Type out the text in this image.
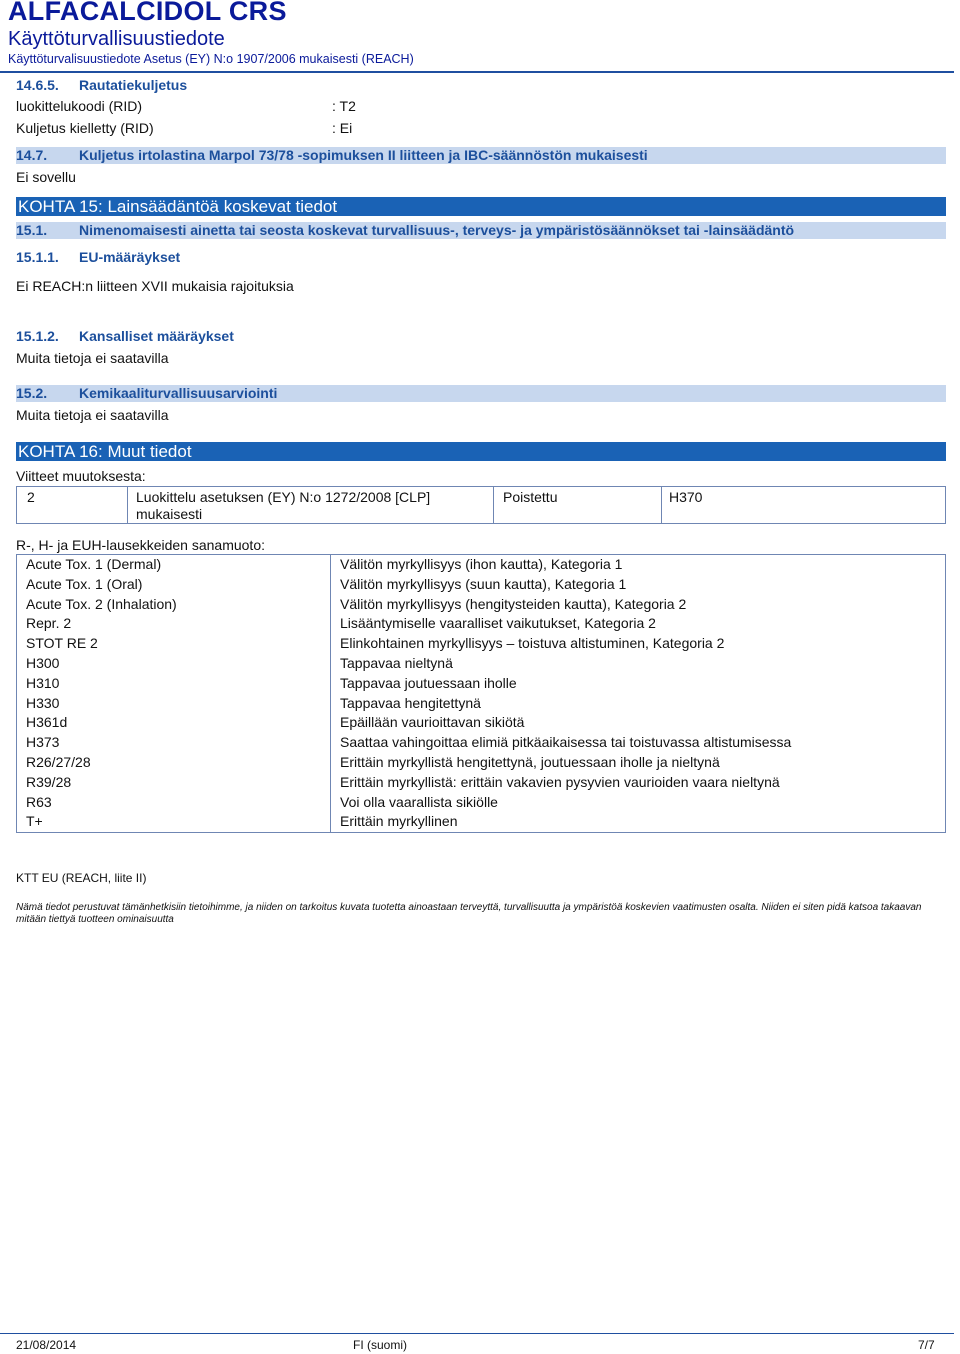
ALFACALCIDOL CRS
Käyttöturvallisuustiedote
Käyttöturvalisuustiedote Asetus (EY) N:o 1907/2006 mukaisesti (REACH)
14.6.5. Rautatiekuljetus
luokittelukoodi (RID)	: T2
Kuljetus kielletty (RID)	: Ei
14.7. Kuljetus irtolastina Marpol 73/78 -sopimuksen II liitteen ja IBC-säännöstön mukaisesti
Ei sovellu
KOHTA 15: Lainsäädäntöä koskevat tiedot
15.1. Nimenomaisesti ainetta tai seosta koskevat turvallisuus-, terveys- ja ympäristösäännökset tai -lainsäädäntö
15.1.1. EU-määräykset
Ei REACH:n liitteen XVII mukaisia rajoituksia
15.1.2. Kansalliset määräykset
Muita tietoja ei saatavilla
15.2. Kemikaaliturvallisuusarviointi
Muita tietoja ei saatavilla
KOHTA 16: Muut tiedot
Viitteet muutoksesta:
2	Luokittelu asetuksen (EY) N:o 1272/2008 [CLP] mukaisesti	Poistettu	H370
R-, H- ja EUH-lausekkeiden sanamuoto:
Acute Tox. 1 (Dermal)	Välitön myrkyllisyys (ihon kautta), Kategoria 1
Acute Tox. 1 (Oral)	Välitön myrkyllisyys (suun kautta), Kategoria 1
Acute Tox. 2 (Inhalation)	Välitön myrkyllisyys (hengitysteiden kautta), Kategoria 2
Repr. 2	Lisääntymiselle vaaralliset vaikutukset, Kategoria 2
STOT RE 2	Elinkohtainen myrkyllisyys – toistuva altistuminen, Kategoria 2
H300	Tappavaa nieltynä
H310	Tappavaa joutuessaan iholle
H330	Tappavaa hengitettynä
H361d	Epäillään vaurioittavan sikiötä
H373	Saattaa vahingoittaa elimiä pitkäaikaisessa tai toistuvassa altistumisessa
R26/27/28	Erittäin myrkyllistä hengitettynä, joutuessaan iholle ja nieltynä
R39/28	Erittäin myrkyllistä: erittäin vakavien pysyvien vaurioiden vaara nieltynä
R63	Voi olla vaarallista sikiölle
T+	Erittäin myrkyllinen
KTT EU (REACH, liite II)
Nämä tiedot perustuvat tämänhetkisiin tietoihimme, ja niiden on tarkoitus kuvata tuotetta ainoastaan terveyttä, turvallisuutta ja ympäristöä koskevien vaatimusten osalta. Niiden ei siten pidä katsoa takaavan mitään tiettyä tuotteen ominaisuutta
21/08/2014	FI (suomi)	7/7
